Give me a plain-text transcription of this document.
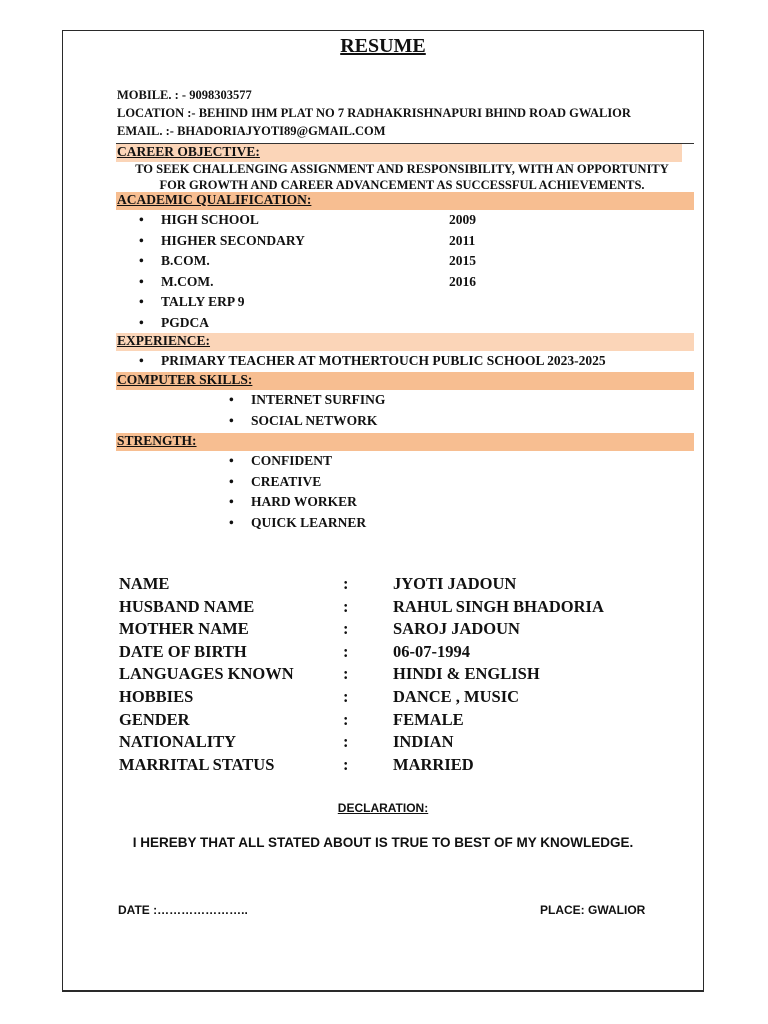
RESUME
MOBILE. : - 9098303577
LOCATION :- BEHIND IHM PLAT NO 7 RADHAKRISHNAPURI BHIND ROAD GWALIOR
EMAIL. :- BHADORIAJYOTI89@GMAIL.COM
CAREER OBJECTIVE:
TO SEEK CHALLENGING ASSIGNMENT AND RESPONSIBILITY, WITH AN OPPORTUNITY
FOR GROWTH AND CAREER ADVANCEMENT AS SUCCESSFUL ACHIEVEMENTS.
ACADEMIC QUALIFICATION:
• HIGH SCHOOL	2009
• HIGHER SECONDARY	2011
• B.COM.	2015
• M.COM.	2016
• TALLY ERP 9
• PGDCA
EXPERIENCE:
• PRIMARY TEACHER AT MOTHERTOUCH PUBLIC SCHOOL 2023-2025
COMPUTER SKILLS:
• INTERNET SURFING
• SOCIAL NETWORK
STRENGTH:
• CONFIDENT
• CREATIVE
• HARD WORKER
• QUICK LEARNER
NAME	:	JYOTI JADOUN
HUSBAND NAME	:	RAHUL SINGH BHADORIA
MOTHER NAME	:	SAROJ JADOUN
DATE OF BIRTH	:	06-07-1994
LANGUAGES KNOWN	:	HINDI & ENGLISH
HOBBIES	:	DANCE , MUSIC
GENDER	:	FEMALE
NATIONALITY	:	INDIAN
MARRITAL STATUS	:	MARRIED
DECLARATION:
I HEREBY THAT ALL STATED ABOUT IS TRUE TO BEST OF MY KNOWLEDGE.
DATE :…………………..	PLACE: GWALIOR
